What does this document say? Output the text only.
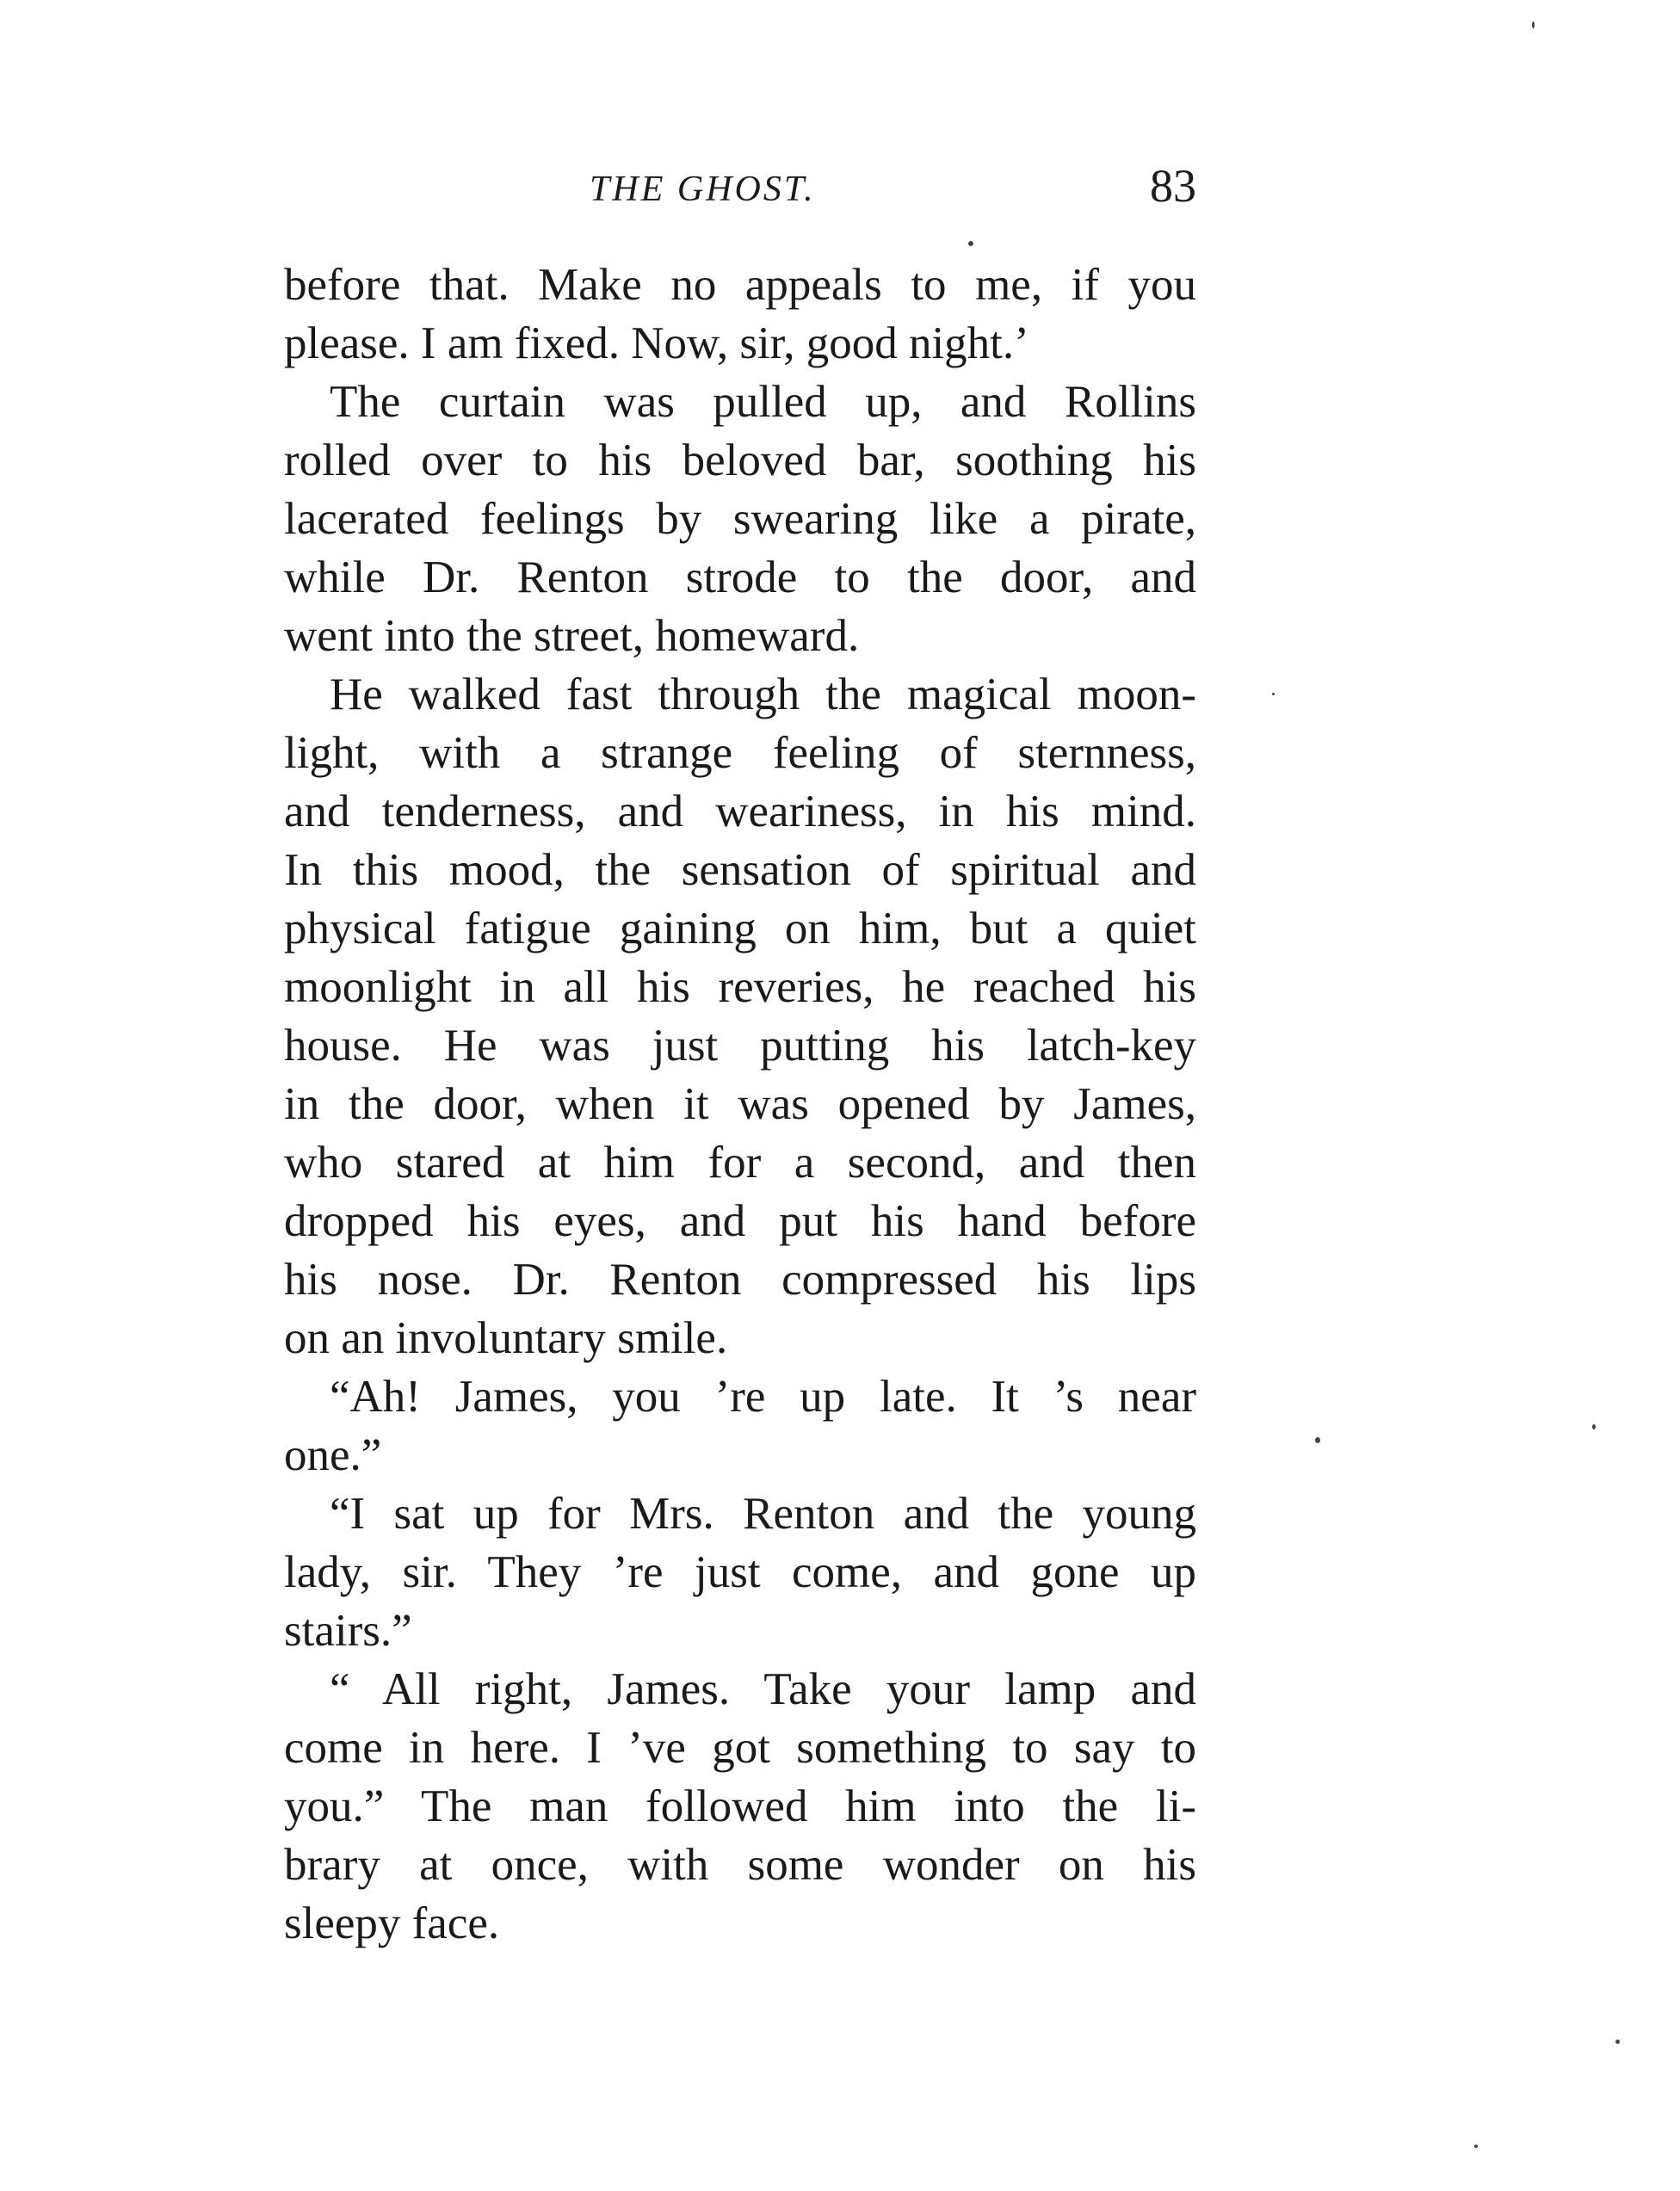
THE GHOST.	83
before that. Make no appeals to me, if you
please. I am fixed. Now, sir, good night.’
The curtain was pulled up, and Rollins
rolled over to his beloved bar, soothing his
lacerated feelings by swearing like a pirate,
while Dr. Renton strode to the door, and
went into the street, homeward.
He walked fast through the magical moon-
light, with a strange feeling of sternness,
and tenderness, and weariness, in his mind.
In this mood, the sensation of spiritual and
physical fatigue gaining on him, but a quiet
moonlight in all his reveries, he reached his
house. He was just putting his latch-key
in the door, when it was opened by James,
who stared at him for a second, and then
dropped his eyes, and put his hand before
his nose. Dr. Renton compressed his lips
on an involuntary smile.
“Ah! James, you ’re up late. It ’s near
one.”
“I sat up for Mrs. Renton and the young
lady, sir. They ’re just come, and gone up
stairs.”
“ All right, James. Take your lamp and
come in here. I ’ve got something to say to
you.” The man followed him into the li-
brary at once, with some wonder on his
sleepy face.
